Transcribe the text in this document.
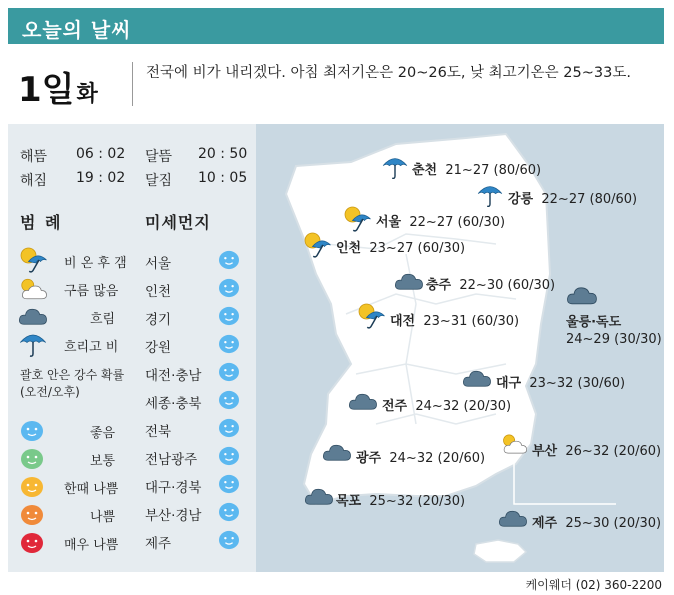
오늘의 날씨
1일화
전국에 비가 내리겠다. 아침 최저기온은 20~26도, 낮 최고기온은 25~33도.
해뜸 06 : 02
해짐 19 : 02
달뜸 20 : 50
달짐 10 : 05
범 례	미세먼지
비 온 후 갬
구름 많음
흐림
흐리고 비
괄호 안은 강수 확률 (오전/오후)
좋음
보통
한때 나쁨
나쁨
매우 나쁨
서울
인천
경기
강원
대전·충남
세종·충북
전북
전남광주
대구·경북
부산·경남
제주
춘천 21~27 (80/60)
강릉 22~27 (80/60)
서울 22~27 (60/30)
인천 23~27 (60/30)
충주 22~30 (60/30)
대전 23~31 (60/30)	울릉·독도
24~29 (30/30)
대구 23~32 (30/60)
전주 24~32 (20/30)
부산 26~32 (20/60)
광주 24~32 (20/60)
목포 25~32 (20/30)
제주 25~30 (20/30)
케이웨더 (02) 360-2200
